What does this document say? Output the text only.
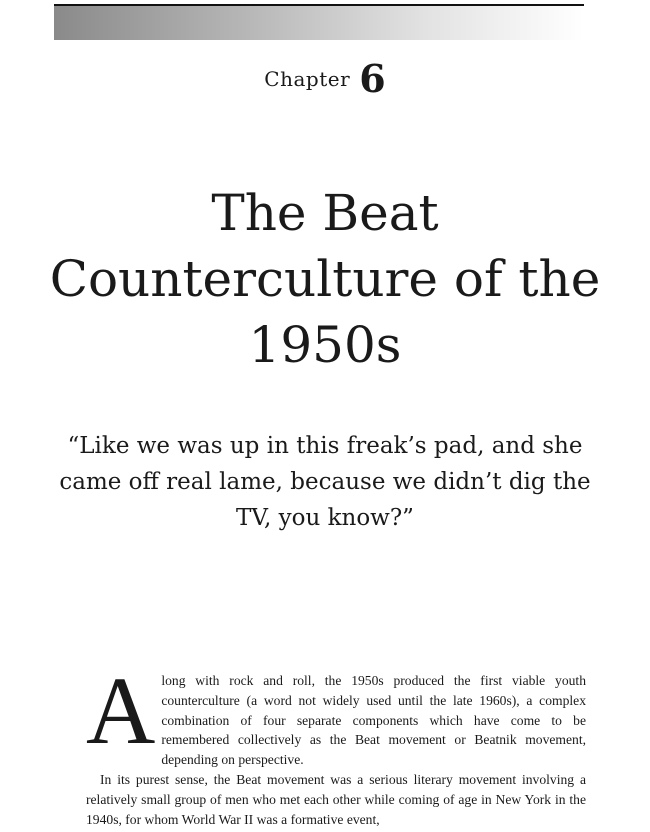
Chapter 6
The Beat Counterculture of the 1950s

“Like we was up in this freak’s pad, and she came off real lame, because we didn’t dig the TV, you know?”

Along with rock and roll, the 1950s produced the first viable youth counterculture (a word not widely used until the late 1960s), a complex combination of four separate components which have come to be remembered collectively as the Beat movement or Beatnik movement, depending on perspective.

In its purest sense, the Beat movement was a serious literary movement involving a relatively small group of men who met each other while coming of age in New York in the 1940s, for whom World War II was a formative event,
